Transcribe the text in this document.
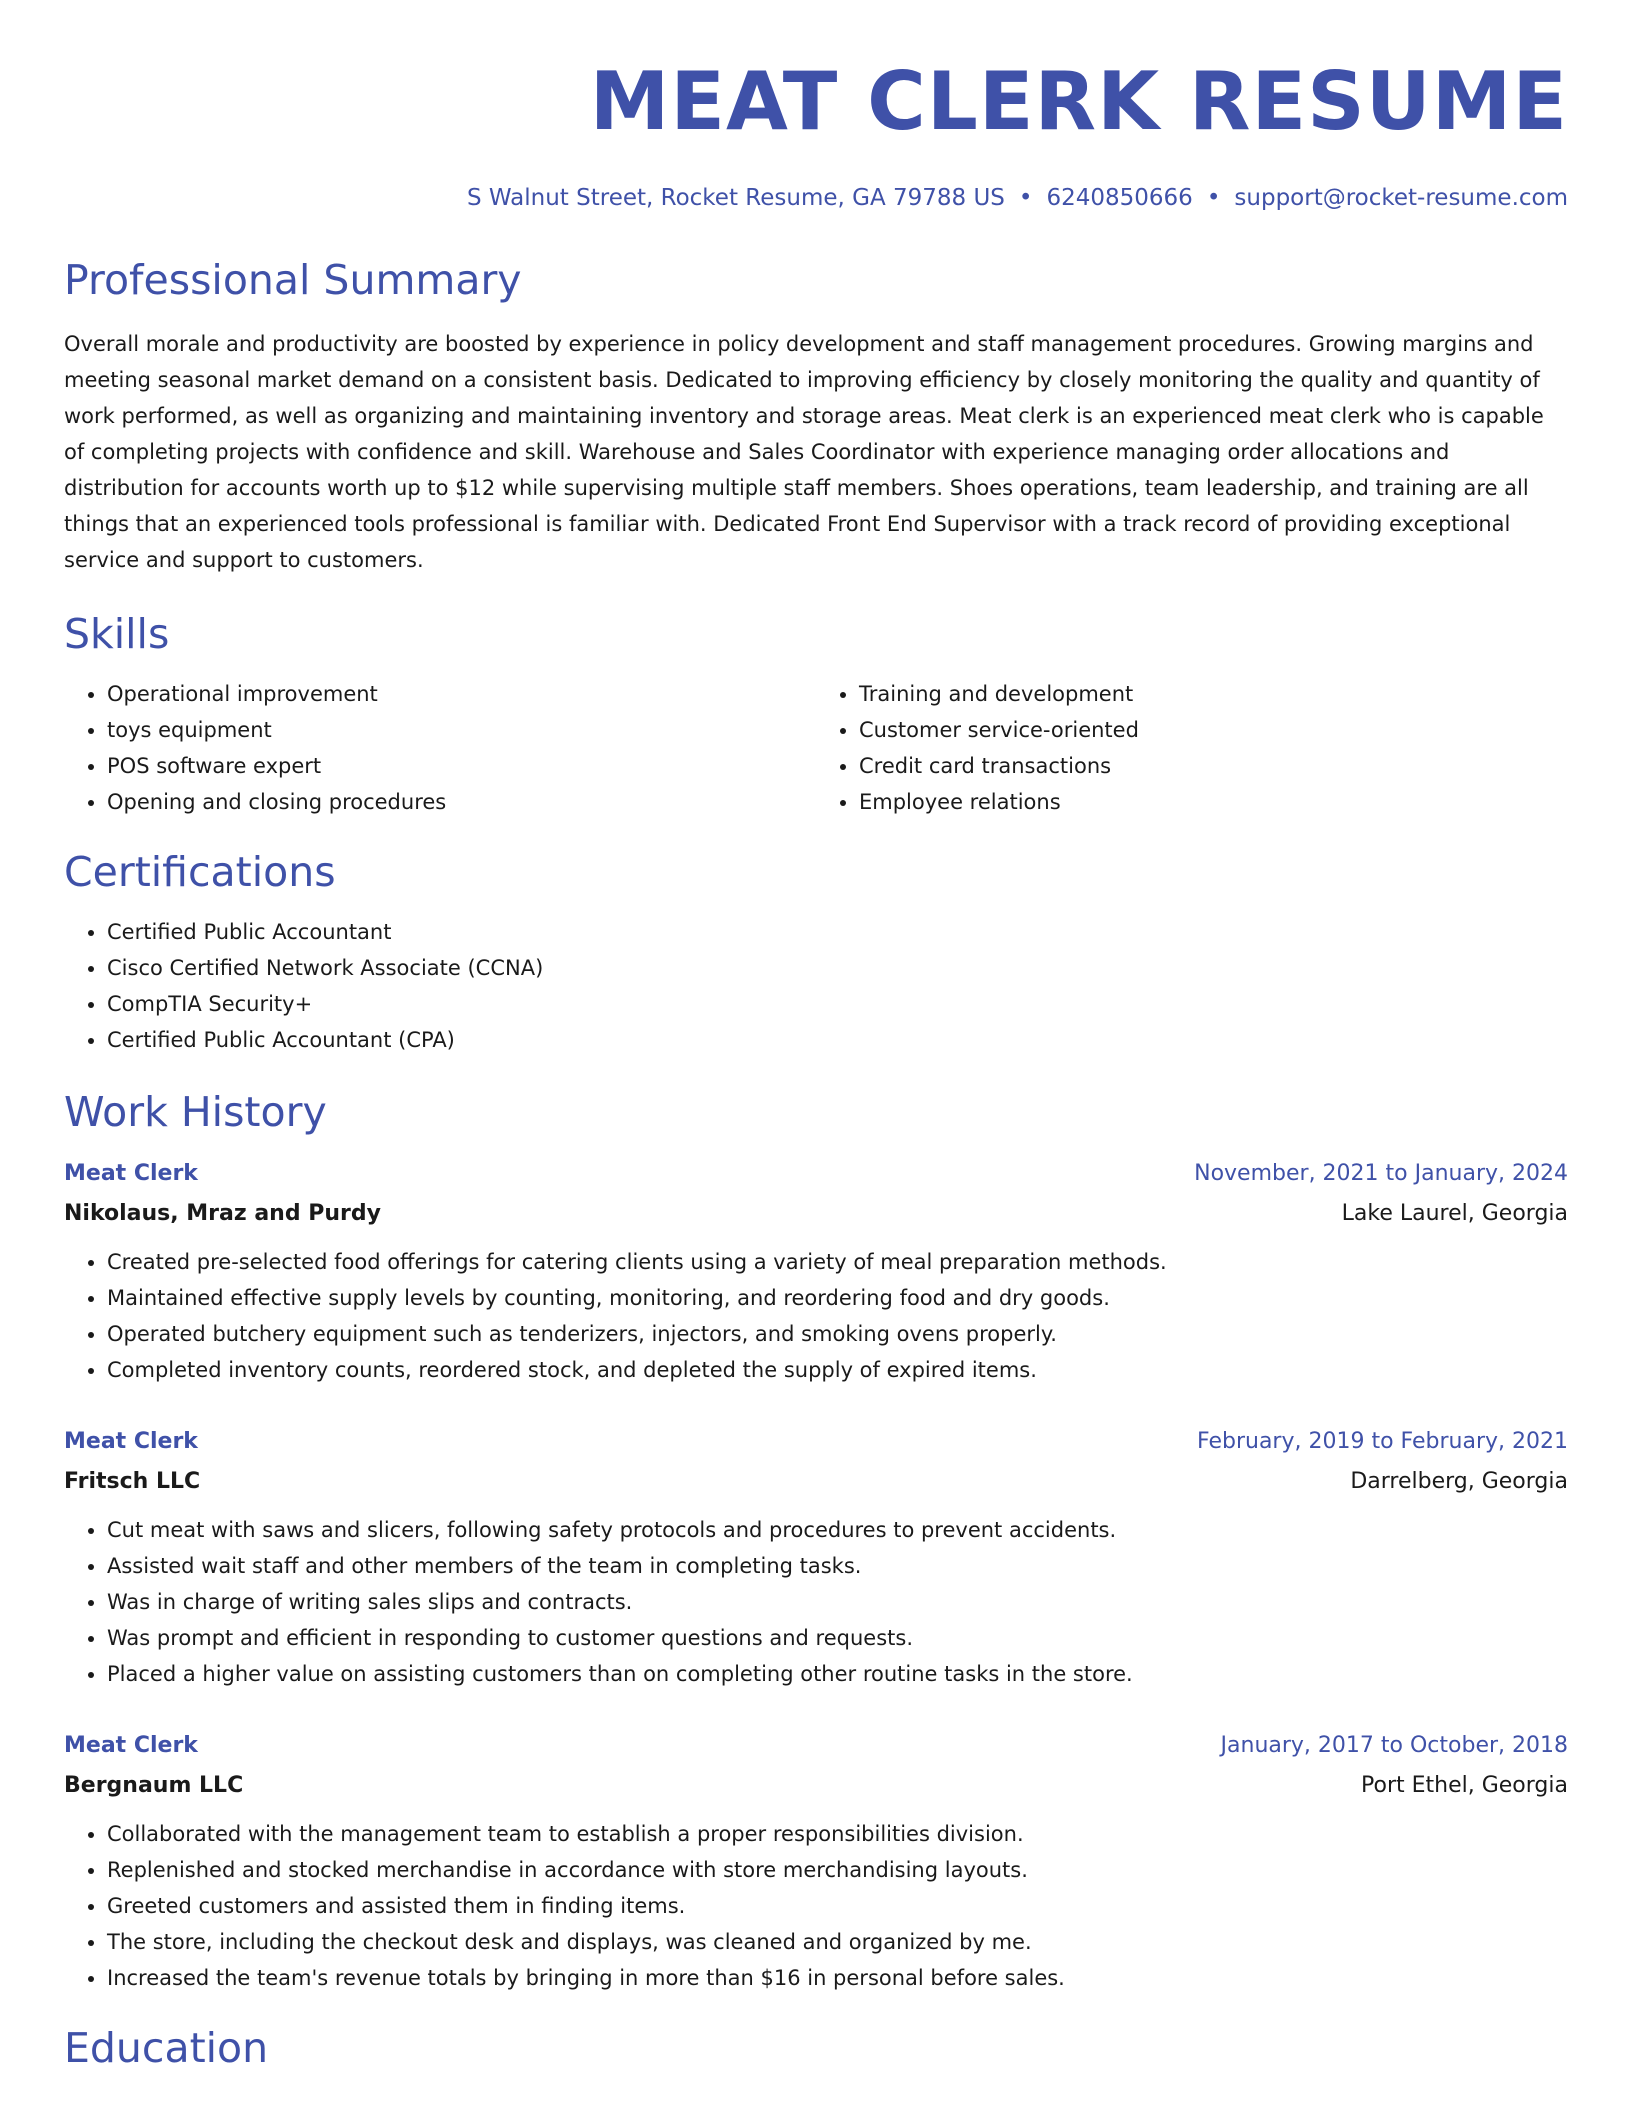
MEAT CLERK RESUME
S Walnut Street, Rocket Resume, GA 79788 US • 6240850666 • support@rocket-resume.com
Professional Summary

Overall morale and productivity are boosted by experience in policy development and staff management procedures. Growing margins and meeting seasonal market demand on a consistent basis. Dedicated to improving efficiency by closely monitoring the quality and quantity of work performed, as well as organizing and maintaining inventory and storage areas. Meat clerk is an experienced meat clerk who is capable of completing projects with confidence and skill. Warehouse and Sales Coordinator with experience managing order allocations and distribution for accounts worth up to $12 while supervising multiple staff members. Shoes operations, team leadership, and training are all things that an experienced tools professional is familiar with. Dedicated Front End Supervisor with a track record of providing exceptional service and support to customers.

Skills
• Operational improvement
• toys equipment
• POS software expert
• Opening and closing procedures
• Training and development
• Customer service-oriented
• Credit card transactions
• Employee relations
Certifications
• Certified Public Accountant
• Cisco Certified Network Associate (CCNA)
• CompTIA Security+
• Certified Public Accountant (CPA)
Work History
Meat Clerk	November, 2021 to January, 2024
Nikolaus, Mraz and Purdy	Lake Laurel, Georgia
• Created pre-selected food offerings for catering clients using a variety of meal preparation methods.
• Maintained effective supply levels by counting, monitoring, and reordering food and dry goods.
• Operated butchery equipment such as tenderizers, injectors, and smoking ovens properly.
• Completed inventory counts, reordered stock, and depleted the supply of expired items.
Meat Clerk	February, 2019 to February, 2021
Fritsch LLC	Darrelberg, Georgia
• Cut meat with saws and slicers, following safety protocols and procedures to prevent accidents.
• Assisted wait staff and other members of the team in completing tasks.
• Was in charge of writing sales slips and contracts.
• Was prompt and efficient in responding to customer questions and requests.
• Placed a higher value on assisting customers than on completing other routine tasks in the store.
Meat Clerk	January, 2017 to October, 2018
Bergnaum LLC	Port Ethel, Georgia
• Collaborated with the management team to establish a proper responsibilities division.
• Replenished and stocked merchandise in accordance with store merchandising layouts.
• Greeted customers and assisted them in finding items.
• The store, including the checkout desk and displays, was cleaned and organized by me.
• Increased the team's revenue totals by bringing in more than $16 in personal before sales.
Education
